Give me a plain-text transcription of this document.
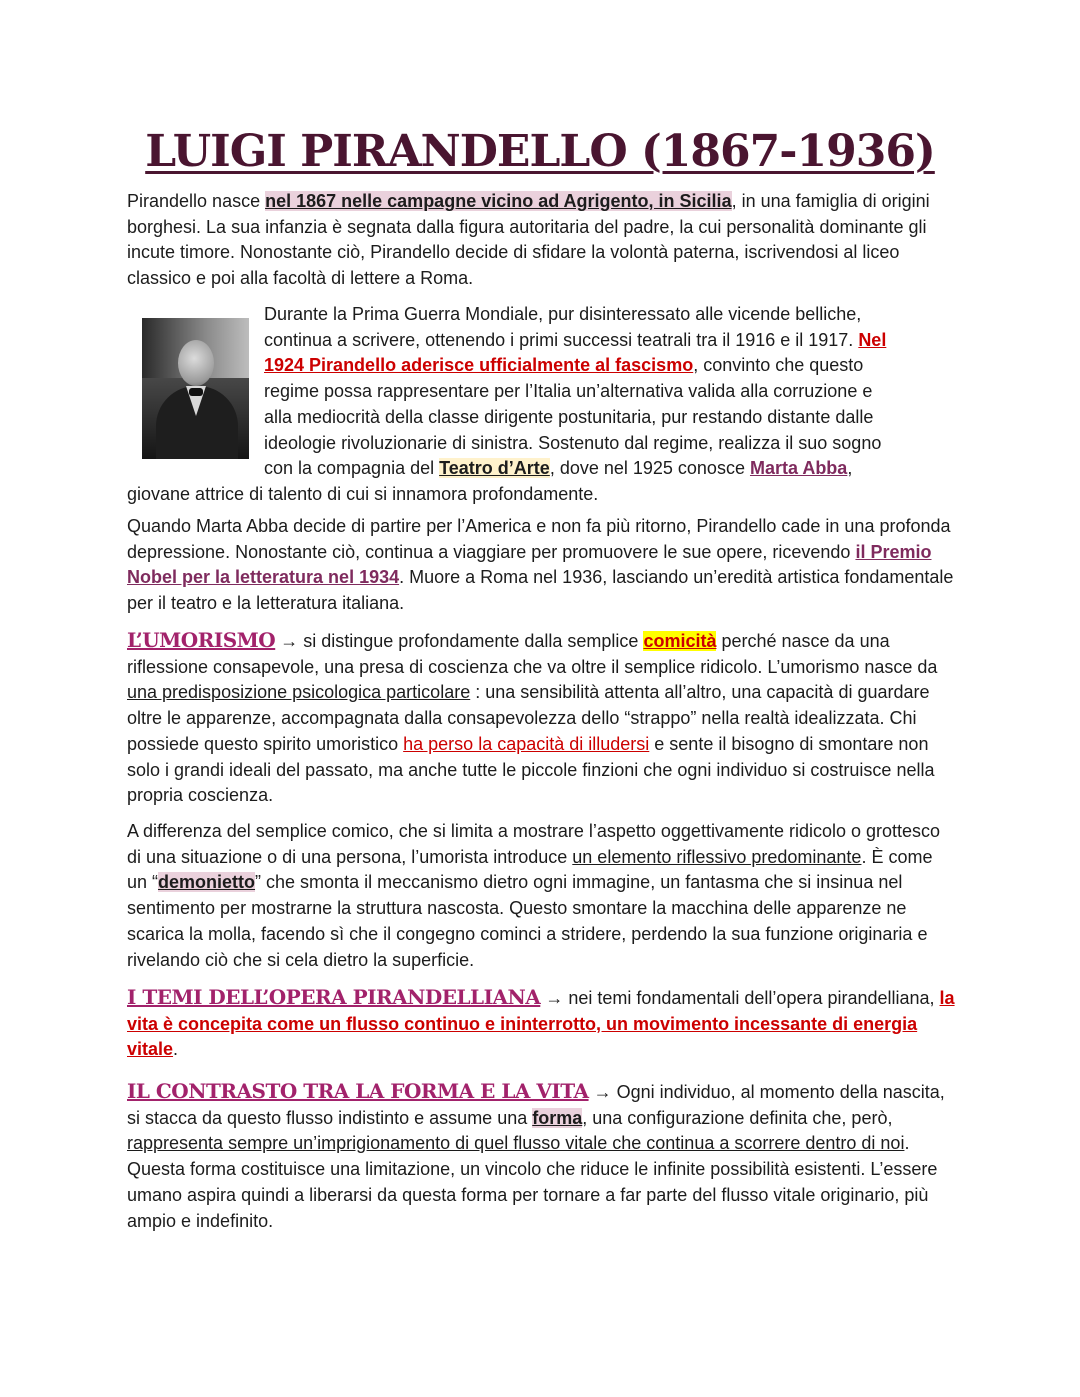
LUIGI PIRANDELLO (1867-1936)

Pirandello nasce nel 1867 nelle campagne vicino ad Agrigento, in Sicilia, in una famiglia di origini borghesi. La sua infanzia è segnata dalla figura autoritaria del padre, la cui personalità dominante gli incute timore. Nonostante ciò, Pirandello decide di sfidare la volontà paterna, iscrivendosi al liceo classico e poi alla facoltà di lettere a Roma.

Durante la Prima Guerra Mondiale, pur disinteressato alle vicende belliche,
continua a scrivere, ottenendo i primi successi teatrali tra il 1916 e il 1917. Nel
1924 Pirandello aderisce ufficialmente al fascismo, convinto che questo
regime possa rappresentare per l’Italia un’alternativa valida alla corruzione e
alla mediocrità della classe dirigente postunitaria, pur restando distante dalle
ideologie rivoluzionarie di sinistra. Sostenuto dal regime, realizza il suo sogno
con la compagnia del Teatro d’Arte, dove nel 1925 conosce Marta Abba,
giovane attrice di talento di cui si innamora profondamente.

Quando Marta Abba decide di partire per l’America e non fa più ritorno, Pirandello cade in una profonda depressione. Nonostante ciò, continua a viaggiare per promuovere le sue opere, ricevendo il Premio Nobel per la letteratura nel 1934. Muore a Roma nel 1936, lasciando un’eredità artistica fondamentale per il teatro e la letteratura italiana.

L’UMORISMO → si distingue profondamente dalla semplice comicità perché nasce da una riflessione consapevole, una presa di coscienza che va oltre il semplice ridicolo. L’umorismo nasce da una predisposizione psicologica particolare : una sensibilità attenta all’altro, una capacità di guardare oltre le apparenze, accompagnata dalla consapevolezza dello “strappo” nella realtà idealizzata. Chi possiede questo spirito umoristico ha perso la capacità di illudersi e sente il bisogno di smontare non solo i grandi ideali del passato, ma anche tutte le piccole finzioni che ogni individuo si costruisce nella propria coscienza.

A differenza del semplice comico, che si limita a mostrare l’aspetto oggettivamente ridicolo o grottesco di una situazione o di una persona, l’umorista introduce un elemento riflessivo predominante. È come un “demonietto” che smonta il meccanismo dietro ogni immagine, un fantasma che si insinua nel sentimento per mostrarne la struttura nascosta. Questo smontare la macchina delle apparenze ne scarica la molla, facendo sì che il congegno cominci a stridere, perdendo la sua funzione originaria e rivelando ciò che si cela dietro la superficie.

I TEMI DELL’OPERA PIRANDELLIANA → nei temi fondamentali dell’opera pirandelliana, la vita è concepita come un flusso continuo e ininterrotto, un movimento incessante di energia vitale.

IL CONTRASTO TRA LA FORMA E LA VITA → Ogni individuo, al momento della nascita, si stacca da questo flusso indistinto e assume una forma, una configurazione definita che, però, rappresenta sempre un’imprigionamento di quel flusso vitale che continua a scorrere dentro di noi. Questa forma costituisce una limitazione, un vincolo che riduce le infinite possibilità esistenti. L’essere umano aspira quindi a liberarsi da questa forma per tornare a far parte del flusso vitale originario, più ampio e indefinito.
